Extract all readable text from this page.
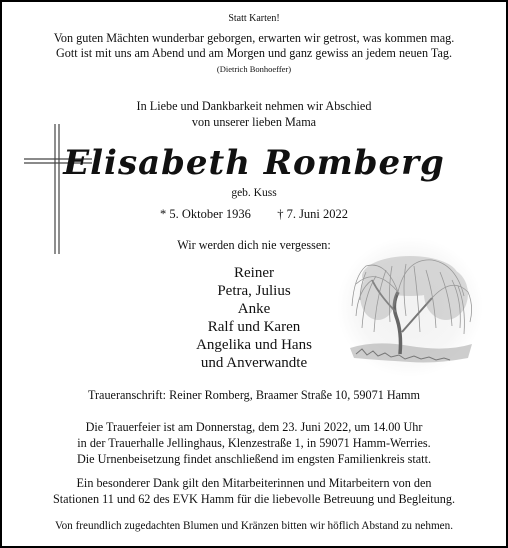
Statt Karten!
Von guten Mächten wunderbar geborgen, erwarten wir getrost, was kommen mag.
Gott ist mit uns am Abend und am Morgen und ganz gewiss an jedem neuen Tag.
(Dietrich Bonhoeffer)
In Liebe und Dankbarkeit nehmen wir Abschied
von unserer lieben Mama
Elisabeth Romberg
geb. Kuss
* 5. Oktober 1936 † 7. Juni 2022
Wir werden dich nie vergessen:
Reiner
Petra, Julius
Anke
Ralf und Karen
Angelika und Hans
und Anverwandte
Traueranschrift: Reiner Romberg, Braamer Straße 10, 59071 Hamm
Die Trauerfeier ist am Donnerstag, dem 23. Juni 2022, um 14.00 Uhr
in der Trauerhalle Jellinghaus, Klenzestraße 1, in 59071 Hamm-Werries.
Die Urnenbeisetzung findet anschließend im engsten Familienkreis statt.
Ein besonderer Dank gilt den Mitarbeiterinnen und Mitarbeitern von den
Stationen 11 und 62 des EVK Hamm für die liebevolle Betreuung und Begleitung.
Von freundlich zugedachten Blumen und Kränzen bitten wir höflich Abstand zu nehmen.
